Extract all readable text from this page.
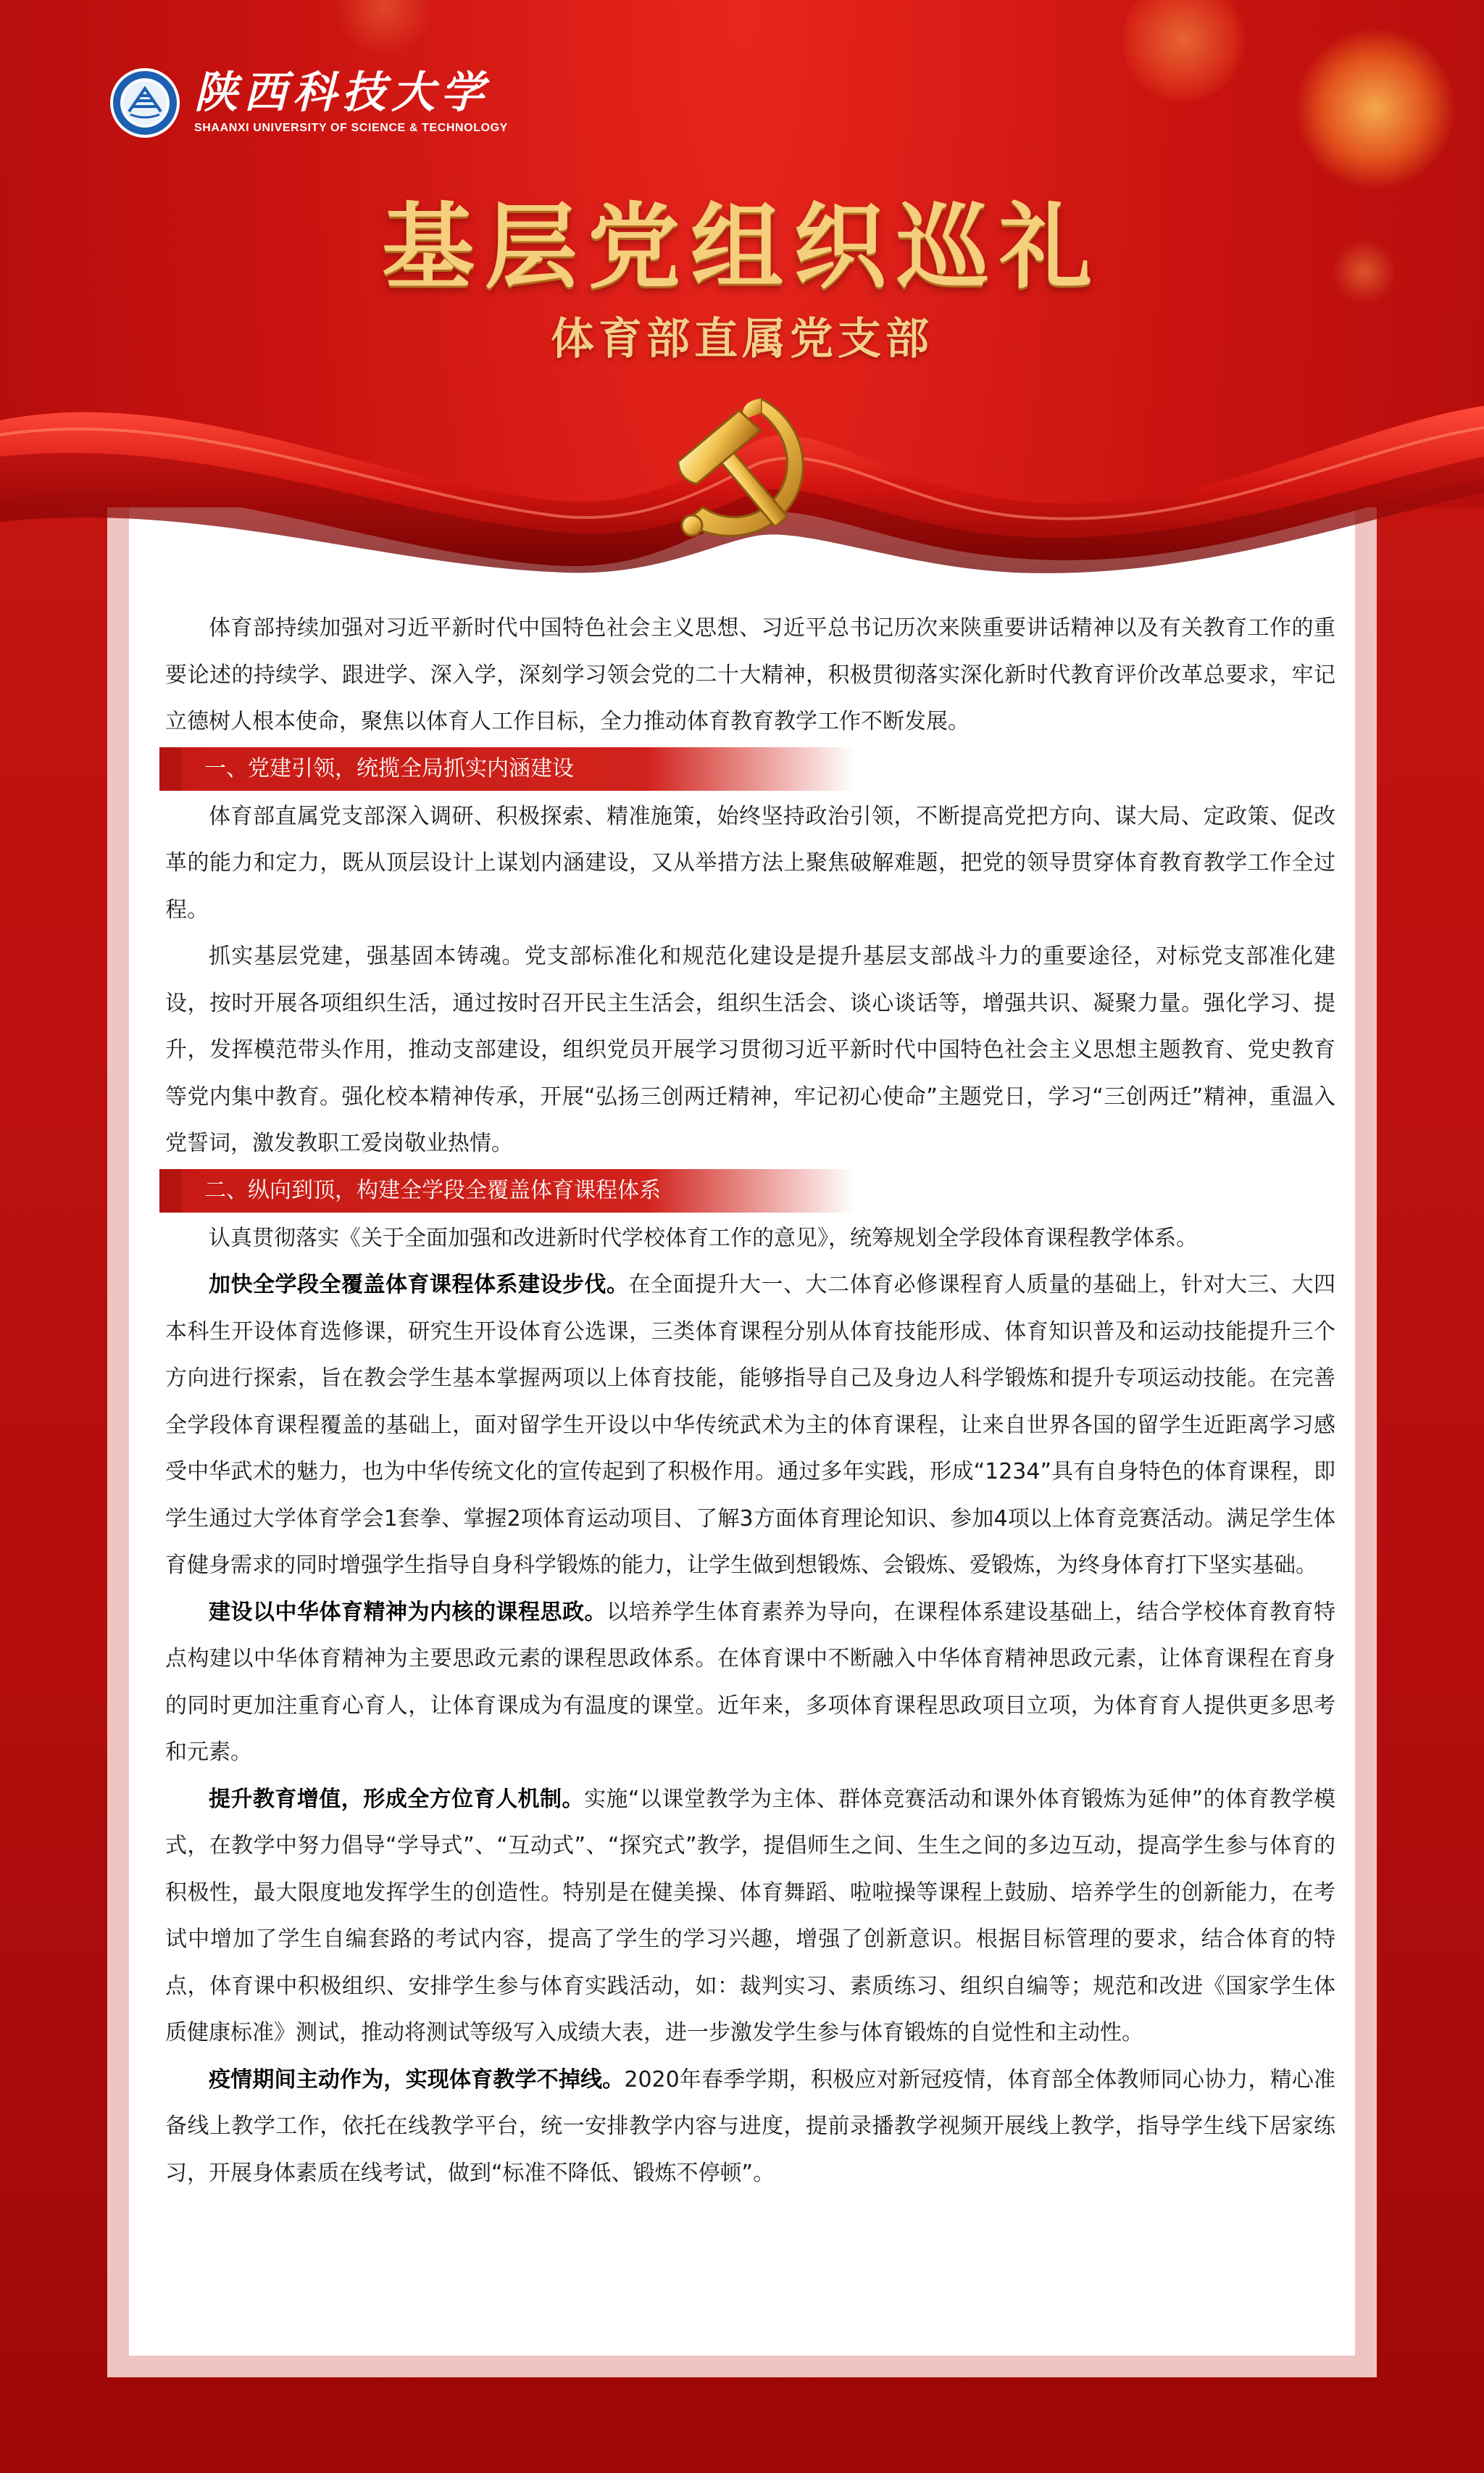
陕西科技大学
SHAANXI UNIVERSITY OF SCIENCE & TECHNOLOGY
基层党组织巡礼
体育部直属党支部

体育部持续加强对习近平新时代中国特色社会主义思想、习近平总书记历次来陕重要讲话精神以及有关教育工作的重要论述的持续学、跟进学、深入学，深刻学习领会党的二十大精神，积极贯彻落实深化新时代教育评价改革总要求，牢记立德树人根本使命，聚焦以体育人工作目标，全力推动体育教育教学工作不断发展。

一、党建引领，统揽全局抓实内涵建设

体育部直属党支部深入调研、积极探索、精准施策，始终坚持政治引领，不断提高党把方向、谋大局、定政策、促改革的能力和定力，既从顶层设计上谋划内涵建设，又从举措方法上聚焦破解难题，把党的领导贯穿体育教育教学工作全过程。

抓实基层党建，强基固本铸魂。党支部标准化和规范化建设是提升基层支部战斗力的重要途径，对标党支部准化建设，按时开展各项组织生活，通过按时召开民主生活会，组织生活会、谈心谈话等，增强共识、凝聚力量。强化学习、提升，发挥模范带头作用，推动支部建设，组织党员开展学习贯彻习近平新时代中国特色社会主义思想主题教育、党史教育等党内集中教育。强化校本精神传承，开展“弘扬三创两迁精神，牢记初心使命”主题党日，学习“三创两迁”精神，重温入党誓词，激发教职工爱岗敬业热情。

二、纵向到顶，构建全学段全覆盖体育课程体系

认真贯彻落实《关于全面加强和改进新时代学校体育工作的意见》，统筹规划全学段体育课程教学体系。

加快全学段全覆盖体育课程体系建设步伐。在全面提升大一、大二体育必修课程育人质量的基础上，针对大三、大四本科生开设体育选修课，研究生开设体育公选课，三类体育课程分别从体育技能形成、体育知识普及和运动技能提升三个方向进行探索，旨在教会学生基本掌握两项以上体育技能，能够指导自己及身边人科学锻炼和提升专项运动技能。在完善全学段体育课程覆盖的基础上，面对留学生开设以中华传统武术为主的体育课程，让来自世界各国的留学生近距离学习感受中华武术的魅力，也为中华传统文化的宣传起到了积极作用。通过多年实践，形成“1234”具有自身特色的体育课程，即学生通过大学体育学会1套拳、掌握2项体育运动项目、了解3方面体育理论知识、参加4项以上体育竞赛活动。满足学生体育健身需求的同时增强学生指导自身科学锻炼的能力，让学生做到想锻炼、会锻炼、爱锻炼，为终身体育打下坚实基础。

建设以中华体育精神为内核的课程思政。以培养学生体育素养为导向，在课程体系建设基础上，结合学校体育教育特点构建以中华体育精神为主要思政元素的课程思政体系。在体育课中不断融入中华体育精神思政元素，让体育课程在育身的同时更加注重育心育人，让体育课成为有温度的课堂。近年来，多项体育课程思政项目立项，为体育育人提供更多思考和元素。

提升教育增值，形成全方位育人机制。实施“以课堂教学为主体、群体竞赛活动和课外体育锻炼为延伸”的体育教学模式，在教学中努力倡导“学导式”、“互动式”、“探究式”教学，提倡师生之间、生生之间的多边互动，提高学生参与体育的积极性，最大限度地发挥学生的创造性。特别是在健美操、体育舞蹈、啦啦操等课程上鼓励、培养学生的创新能力，在考试中增加了学生自编套路的考试内容，提高了学生的学习兴趣，增强了创新意识。根据目标管理的要求，结合体育的特点，体育课中积极组织、安排学生参与体育实践活动，如：裁判实习、素质练习、组织自编等；规范和改进《国家学生体质健康标准》测试，推动将测试等级写入成绩大表，进一步激发学生参与体育锻炼的自觉性和主动性。

疫情期间主动作为，实现体育教学不掉线。2020年春季学期，积极应对新冠疫情，体育部全体教师同心协力，精心准备线上教学工作，依托在线教学平台，统一安排教学内容与进度，提前录播教学视频开展线上教学，指导学生线下居家练习，开展身体素质在线考试，做到“标准不降低、锻炼不停顿”。
